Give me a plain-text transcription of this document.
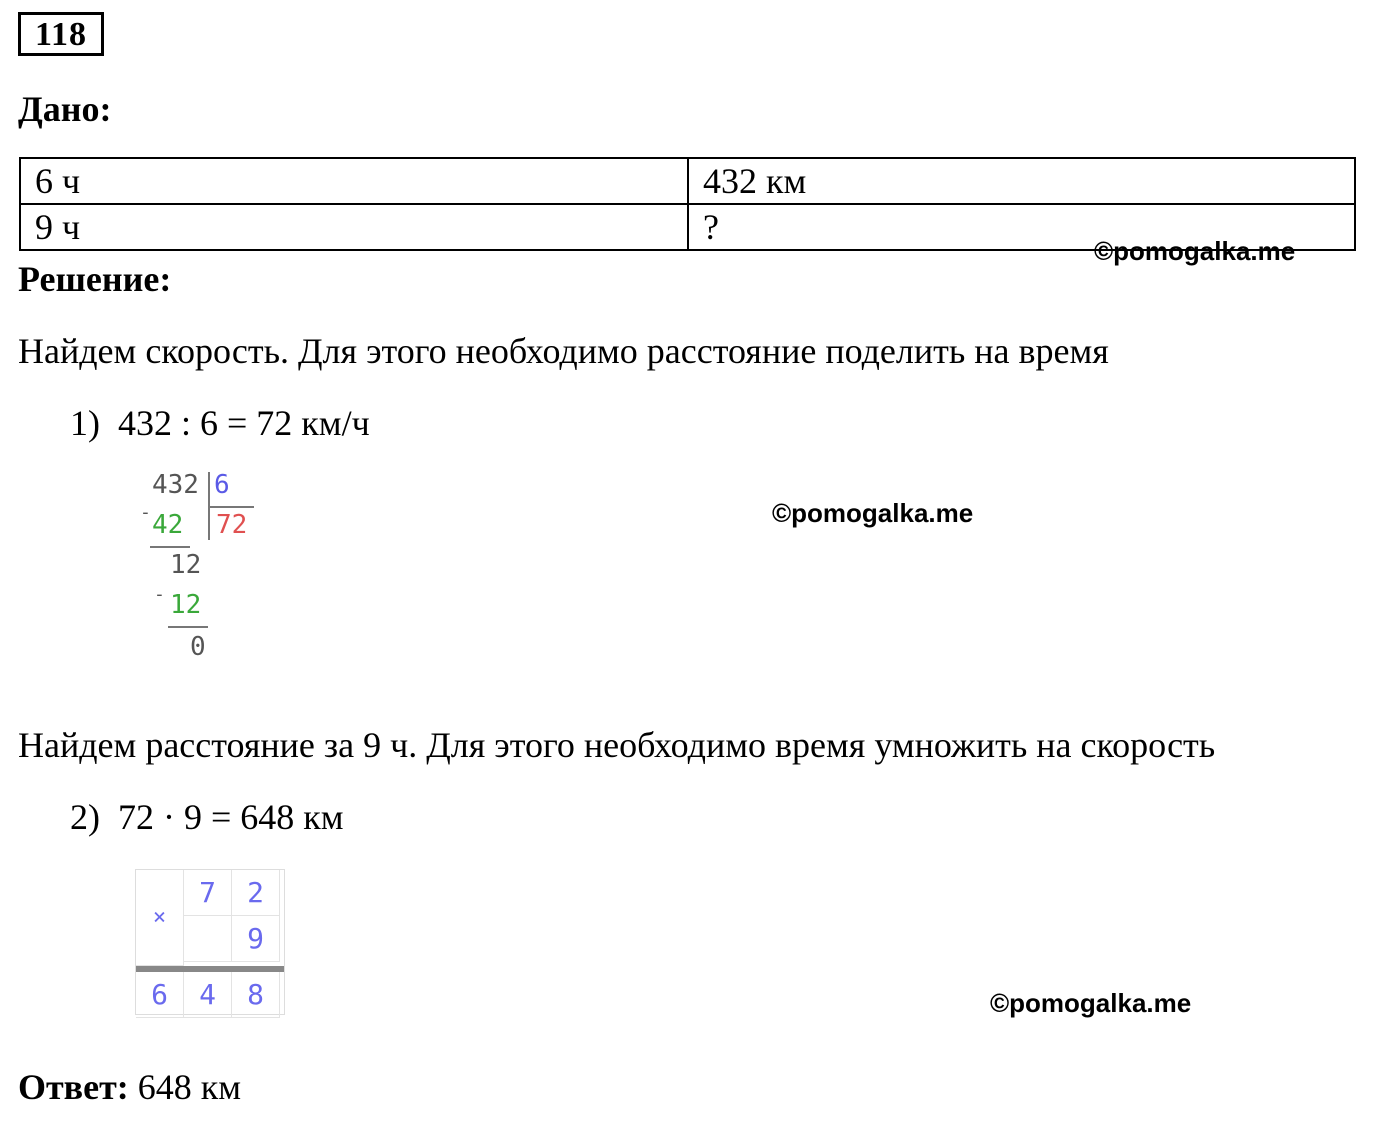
118
Дано:
6 ч	432 км
9 ч	?
©pomogalka.me
Решение:
Найдем скорость. Для этого необходимо расстояние поделить на время
1) 432 : 6 = 72 км/ч
432 6
- 42 72
12
- 12
0
©pomogalka.me
Найдем расстояние за 9 ч. Для этого необходимо время умножить на скорость
2) 72 · 9 = 648 км
×
7	2
9
6	4	8	©pomogalka.me
Ответ: 648 км
